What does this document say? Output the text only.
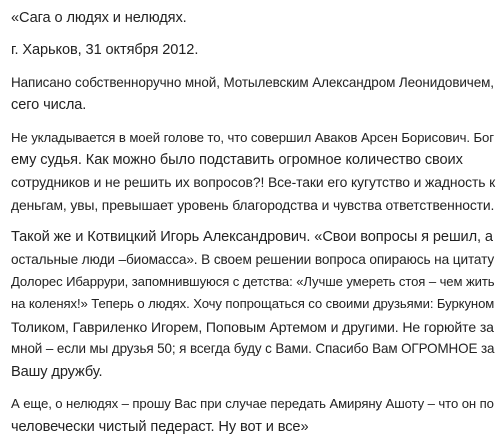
«Сага о людях и нелюдях.

г. Харьков, 31 октября 2012.

Написано собственноручно мной, Мотылевским Александром Леонидовичем,
сего числа.

Не укладывается в моей голове то, что совершил Аваков Арсен Борисович. Бог
ему судья. Как можно было подставить огромное количество своих
сотрудников и не решить их вопросов?! Все-таки его кугутство и жадность к
деньгам, увы, превышает уровень благородства и чувства ответственности.

Такой же и Котвицкий Игорь Александрович. «Свои вопросы я решил, а
остальные люди –биомасса». В своем решении вопроса опираюсь на цитату
Долорес Ибаррури, запомнившуюся с детства: «Лучше умереть стоя – чем жить
на коленях!» Теперь о людях. Хочу попрощаться со своими друзьями: Буркуном
Толиком, Гавриленко Игорем, Поповым Артемом и другими. Не горюйте за
мной – если мы друзья 50; я всегда буду с Вами. Спасибо Вам ОГРОМНОЕ за
Вашу дружбу.

А еще, о нелюдях – прошу Вас при случае передать Амиряну Ашоту – что он по
человечески чистый педераст. Ну вот и все»
